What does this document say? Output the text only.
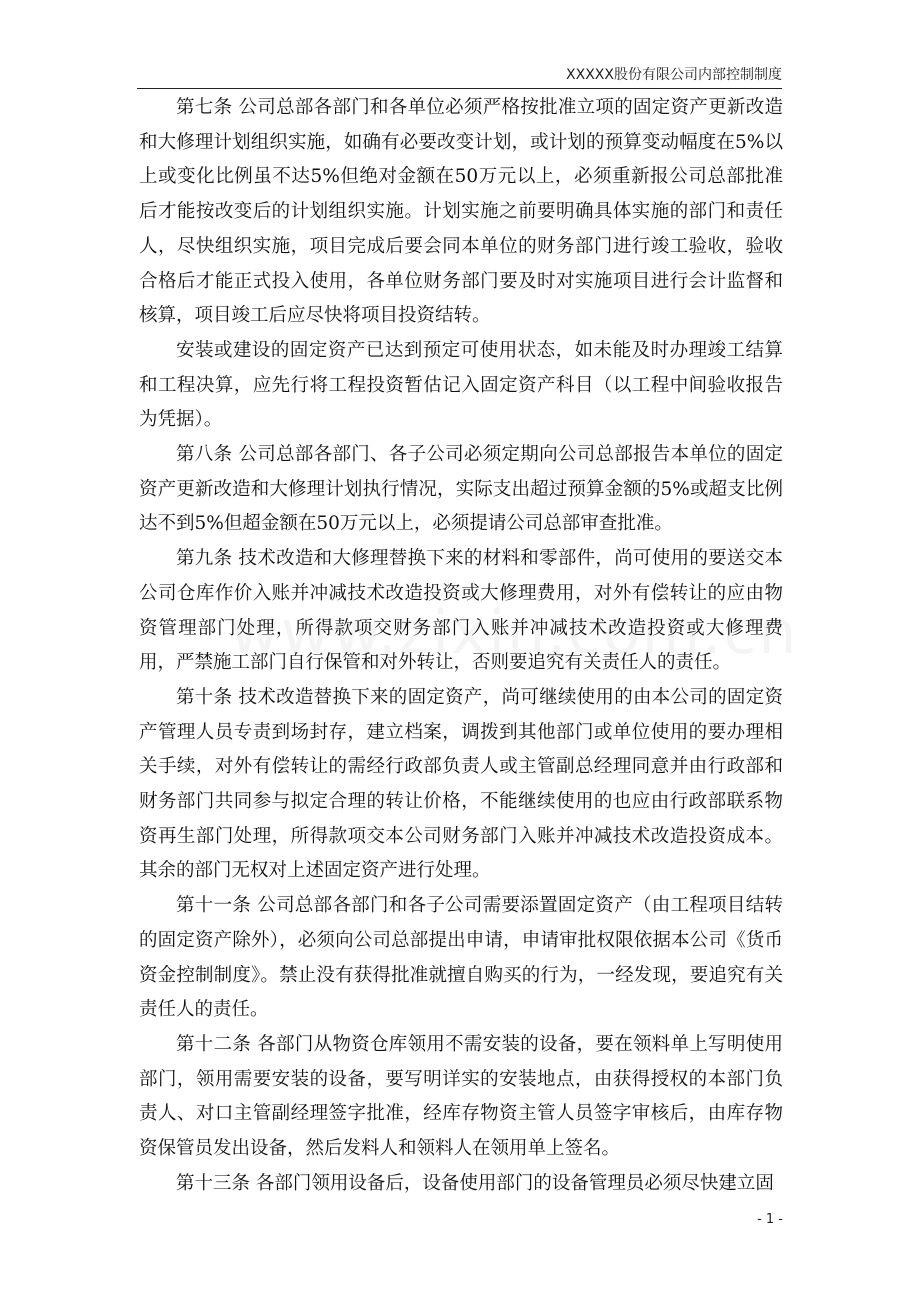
XXXXX股份有限公司内部控制制度

第七条 公司总部各部门和各单位必须严格按批准立项的固定资产更新改造和大修理计划组织实施，如确有必要改变计划，或计划的预算变动幅度在5%以上或变化比例虽不达5%但绝对金额在50万元以上，必须重新报公司总部批准后才能按改变后的计划组织实施。计划实施之前要明确具体实施的部门和责任人，尽快组织实施，项目完成后要会同本单位的财务部门进行竣工验收，验收合格后才能正式投入使用，各单位财务部门要及时对实施项目进行会计监督和核算，项目竣工后应尽快将项目投资结转。

安装或建设的固定资产已达到预定可使用状态，如未能及时办理竣工结算和工程决算，应先行将工程投资暂估记入固定资产科目（以工程中间验收报告为凭据）。

第八条 公司总部各部门、各子公司必须定期向公司总部报告本单位的固定资产更新改造和大修理计划执行情况，实际支出超过预算金额的5%或超支比例达不到5%但超金额在50万元以上，必须提请公司总部审查批准。

第九条 技术改造和大修理替换下来的材料和零部件，尚可使用的要送交本公司仓库作价入账并冲减技术改造投资或大修理费用，对外有偿转让的应由物资管理部门处理，所得款项交财务部门入账并冲减技术改造投资或大修理费用，严禁施工部门自行保管和对外转让，否则要追究有关责任人的责任。

第十条 技术改造替换下来的固定资产，尚可继续使用的由本公司的固定资产管理人员专责到场封存，建立档案，调拨到其他部门或单位使用的要办理相关手续，对外有偿转让的需经行政部负责人或主管副总经理同意并由行政部和财务部门共同参与拟定合理的转让价格，不能继续使用的也应由行政部联系物资再生部门处理，所得款项交本公司财务部门入账并冲减技术改造投资成本。其余的部门无权对上述固定资产进行处理。

第十一条 公司总部各部门和各子公司需要添置固定资产（由工程项目结转的固定资产除外），必须向公司总部提出申请，申请审批权限依据本公司《货币资金控制制度》。禁止没有获得批准就擅自购买的行为，一经发现，要追究有关责任人的责任。

第十二条 各部门从物资仓库领用不需安装的设备，要在领料单上写明使用部门，领用需要安装的设备，要写明详实的安装地点，由获得授权的本部门负责人、对口主管副经理签字批准，经库存物资主管人员签字审核后，由库存物资保管员发出设备，然后发料人和领料人在领用单上签名。

第十三条 各部门领用设备后，设备使用部门的设备管理员必须尽快建立固

- 1 -
